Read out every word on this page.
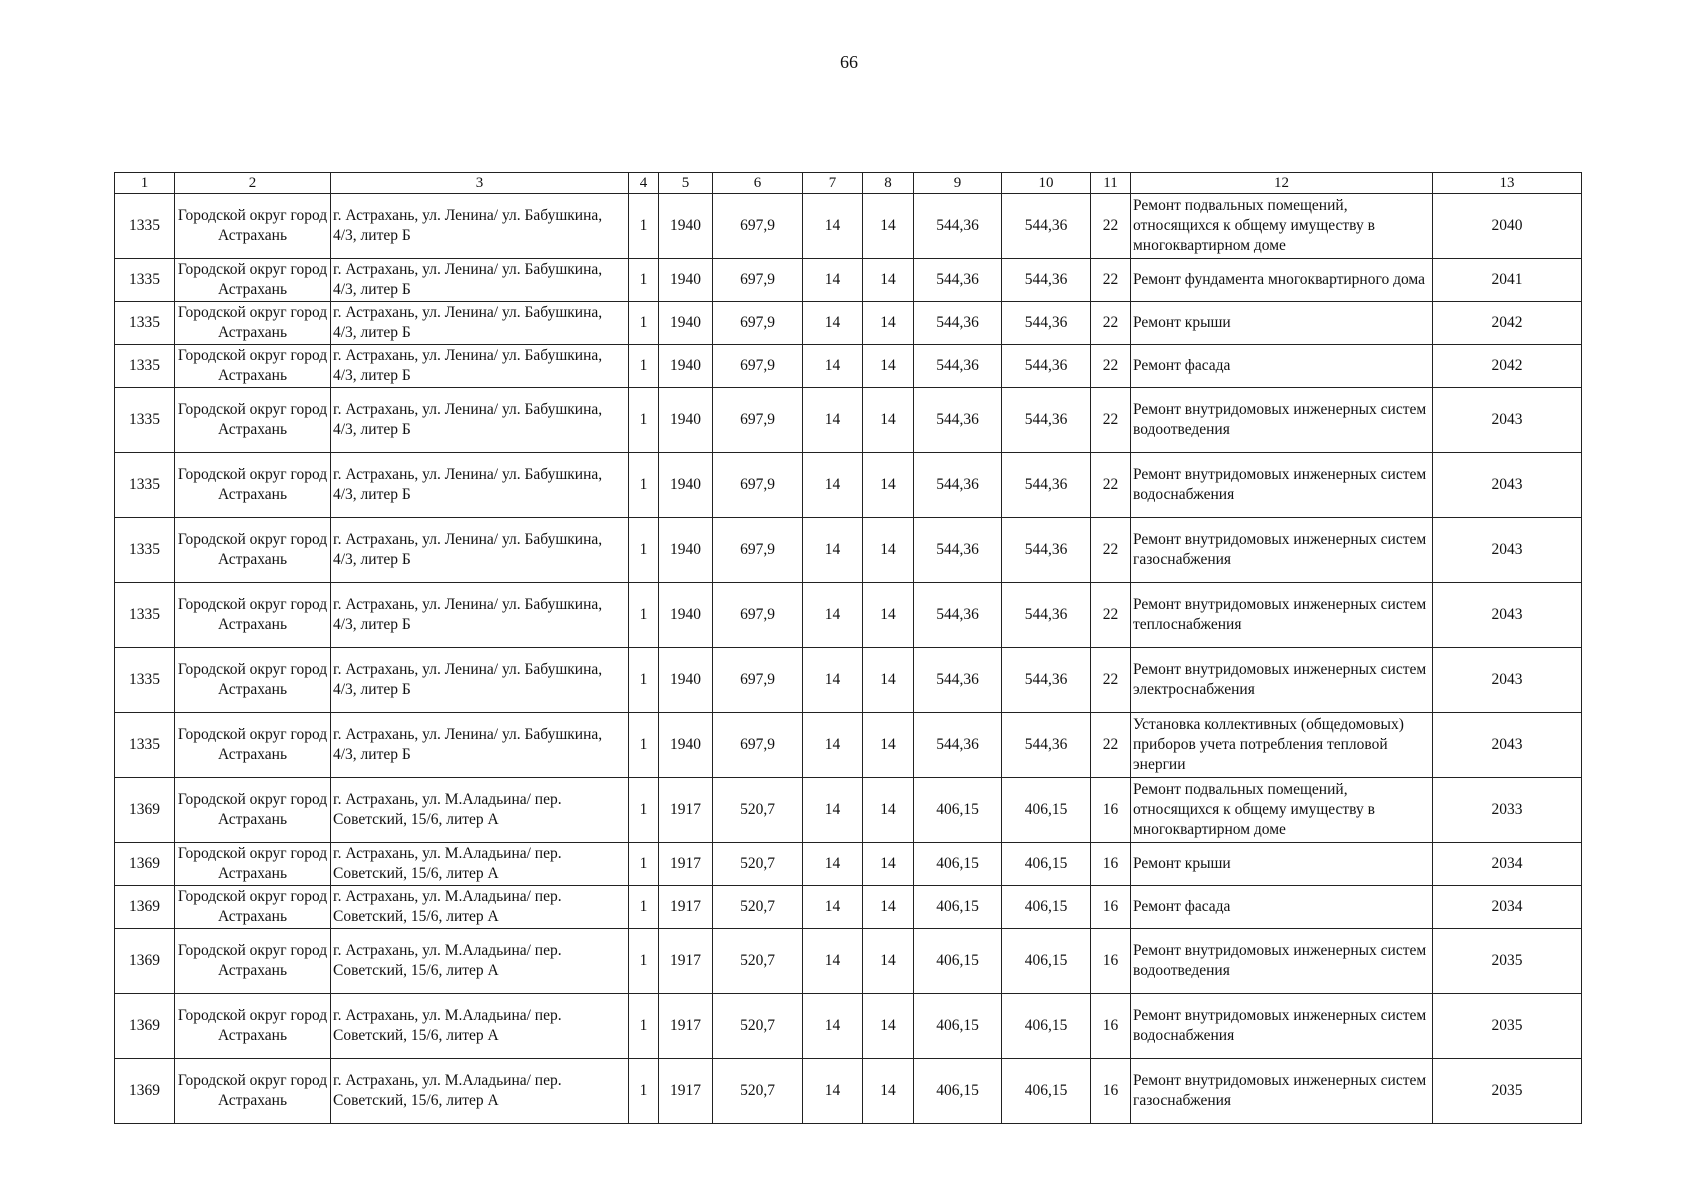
66
1	2	3	4	5	6	7	8	9	10	11	12	13
1335	Городской округ город Астрахань	г. Астрахань, ул. Ленина/ ул. Бабушкина, 4/3, литер Б	1	1940	697,9	14	14	544,36	544,36	22	Ремонт подвальных помещений, относящихся к общему имуществу в многоквартирном доме	2040
1335	Городской округ город Астрахань	г. Астрахань, ул. Ленина/ ул. Бабушкина, 4/3, литер Б	1	1940	697,9	14	14	544,36	544,36	22	Ремонт фундамента многоквартирного дома	2041
1335	Городской округ город Астрахань	г. Астрахань, ул. Ленина/ ул. Бабушкина, 4/3, литер Б	1	1940	697,9	14	14	544,36	544,36	22	Ремонт крыши	2042
1335	Городской округ город Астрахань	г. Астрахань, ул. Ленина/ ул. Бабушкина, 4/3, литер Б	1	1940	697,9	14	14	544,36	544,36	22	Ремонт фасада	2042
1335	Городской округ город Астрахань	г. Астрахань, ул. Ленина/ ул. Бабушкина, 4/3, литер Б	1	1940	697,9	14	14	544,36	544,36	22	Ремонт внутридомовых инженерных систем водоотведения	2043
1335	Городской округ город Астрахань	г. Астрахань, ул. Ленина/ ул. Бабушкина, 4/3, литер Б	1	1940	697,9	14	14	544,36	544,36	22	Ремонт внутридомовых инженерных систем водоснабжения	2043
1335	Городской округ город Астрахань	г. Астрахань, ул. Ленина/ ул. Бабушкина, 4/3, литер Б	1	1940	697,9	14	14	544,36	544,36	22	Ремонт внутридомовых инженерных систем газоснабжения	2043
1335	Городской округ город Астрахань	г. Астрахань, ул. Ленина/ ул. Бабушкина, 4/3, литер Б	1	1940	697,9	14	14	544,36	544,36	22	Ремонт внутридомовых инженерных систем теплоснабжения	2043
1335	Городской округ город Астрахань	г. Астрахань, ул. Ленина/ ул. Бабушкина, 4/3, литер Б	1	1940	697,9	14	14	544,36	544,36	22	Ремонт внутридомовых инженерных систем электроснабжения	2043
1335	Городской округ город Астрахань	г. Астрахань, ул. Ленина/ ул. Бабушкина, 4/3, литер Б	1	1940	697,9	14	14	544,36	544,36	22	Установка коллективных (общедомовых) приборов учета потребления тепловой энергии	2043
1369	Городской округ город Астрахань	г. Астрахань, ул. М.Аладьина/ пер. Советский, 15/6, литер А	1	1917	520,7	14	14	406,15	406,15	16	Ремонт подвальных помещений, относящихся к общему имуществу в многоквартирном доме	2033
1369	Городской округ город Астрахань	г. Астрахань, ул. М.Аладьина/ пер. Советский, 15/6, литер А	1	1917	520,7	14	14	406,15	406,15	16	Ремонт крыши	2034
1369	Городской округ город Астрахань	г. Астрахань, ул. М.Аладьина/ пер. Советский, 15/6, литер А	1	1917	520,7	14	14	406,15	406,15	16	Ремонт фасада	2034
1369	Городской округ город Астрахань	г. Астрахань, ул. М.Аладьина/ пер. Советский, 15/6, литер А	1	1917	520,7	14	14	406,15	406,15	16	Ремонт внутридомовых инженерных систем водоотведения	2035
1369	Городской округ город Астрахань	г. Астрахань, ул. М.Аладьина/ пер. Советский, 15/6, литер А	1	1917	520,7	14	14	406,15	406,15	16	Ремонт внутридомовых инженерных систем водоснабжения	2035
1369	Городской округ город Астрахань	г. Астрахань, ул. М.Аладьина/ пер. Советский, 15/6, литер А	1	1917	520,7	14	14	406,15	406,15	16	Ремонт внутридомовых инженерных систем газоснабжения	2035
